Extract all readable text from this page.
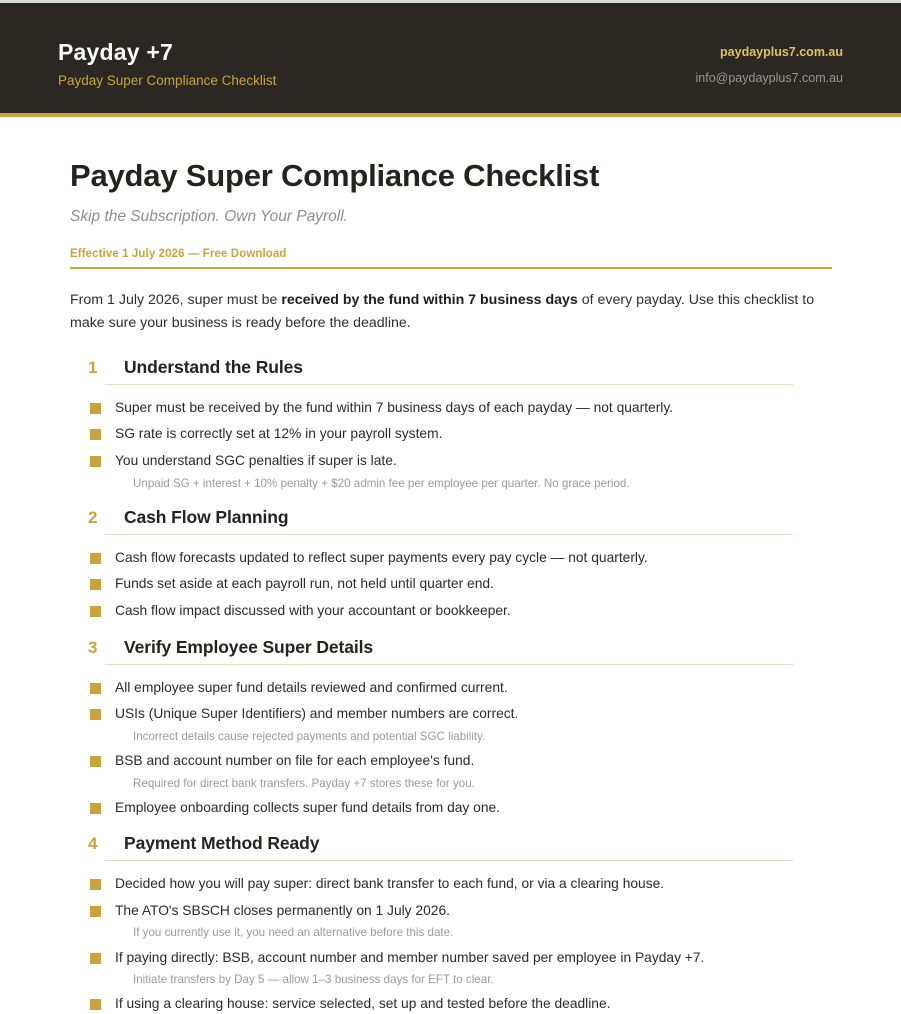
Payday +7
Payday Super Compliance Checklist
paydayplus7.com.au
info@paydayplus7.com.au
Payday Super Compliance Checklist

Skip the Subscription. Own Your Payroll.

Effective 1 July 2026 — Free Download

From 1 July 2026, super must be received by the fund within 7 business days of every payday. Use this checklist to make sure your business is ready before the deadline.

1 Understand the Rules
Super must be received by the fund within 7 business days of each payday — not quarterly.
SG rate is correctly set at 12% in your payroll system.
You understand SGC penalties if super is late.
Unpaid SG + interest + 10% penalty + $20 admin fee per employee per quarter. No grace period.
2 Cash Flow Planning
Cash flow forecasts updated to reflect super payments every pay cycle — not quarterly.
Funds set aside at each payroll run, not held until quarter end.
Cash flow impact discussed with your accountant or bookkeeper.
3 Verify Employee Super Details
All employee super fund details reviewed and confirmed current.
USIs (Unique Super Identifiers) and member numbers are correct.
Incorrect details cause rejected payments and potential SGC liability.
BSB and account number on file for each employee's fund.
Required for direct bank transfers. Payday +7 stores these for you.
Employee onboarding collects super fund details from day one.
4 Payment Method Ready
Decided how you will pay super: direct bank transfer to each fund, or via a clearing house.
The ATO's SBSCH closes permanently on 1 July 2026.
If you currently use it, you need an alternative before this date.
If paying directly: BSB, account number and member number saved per employee in Payday +7.
Initiate transfers by Day 5 — allow 1–3 business days for EFT to clear.
If using a clearing house: service selected, set up and tested before the deadline.
